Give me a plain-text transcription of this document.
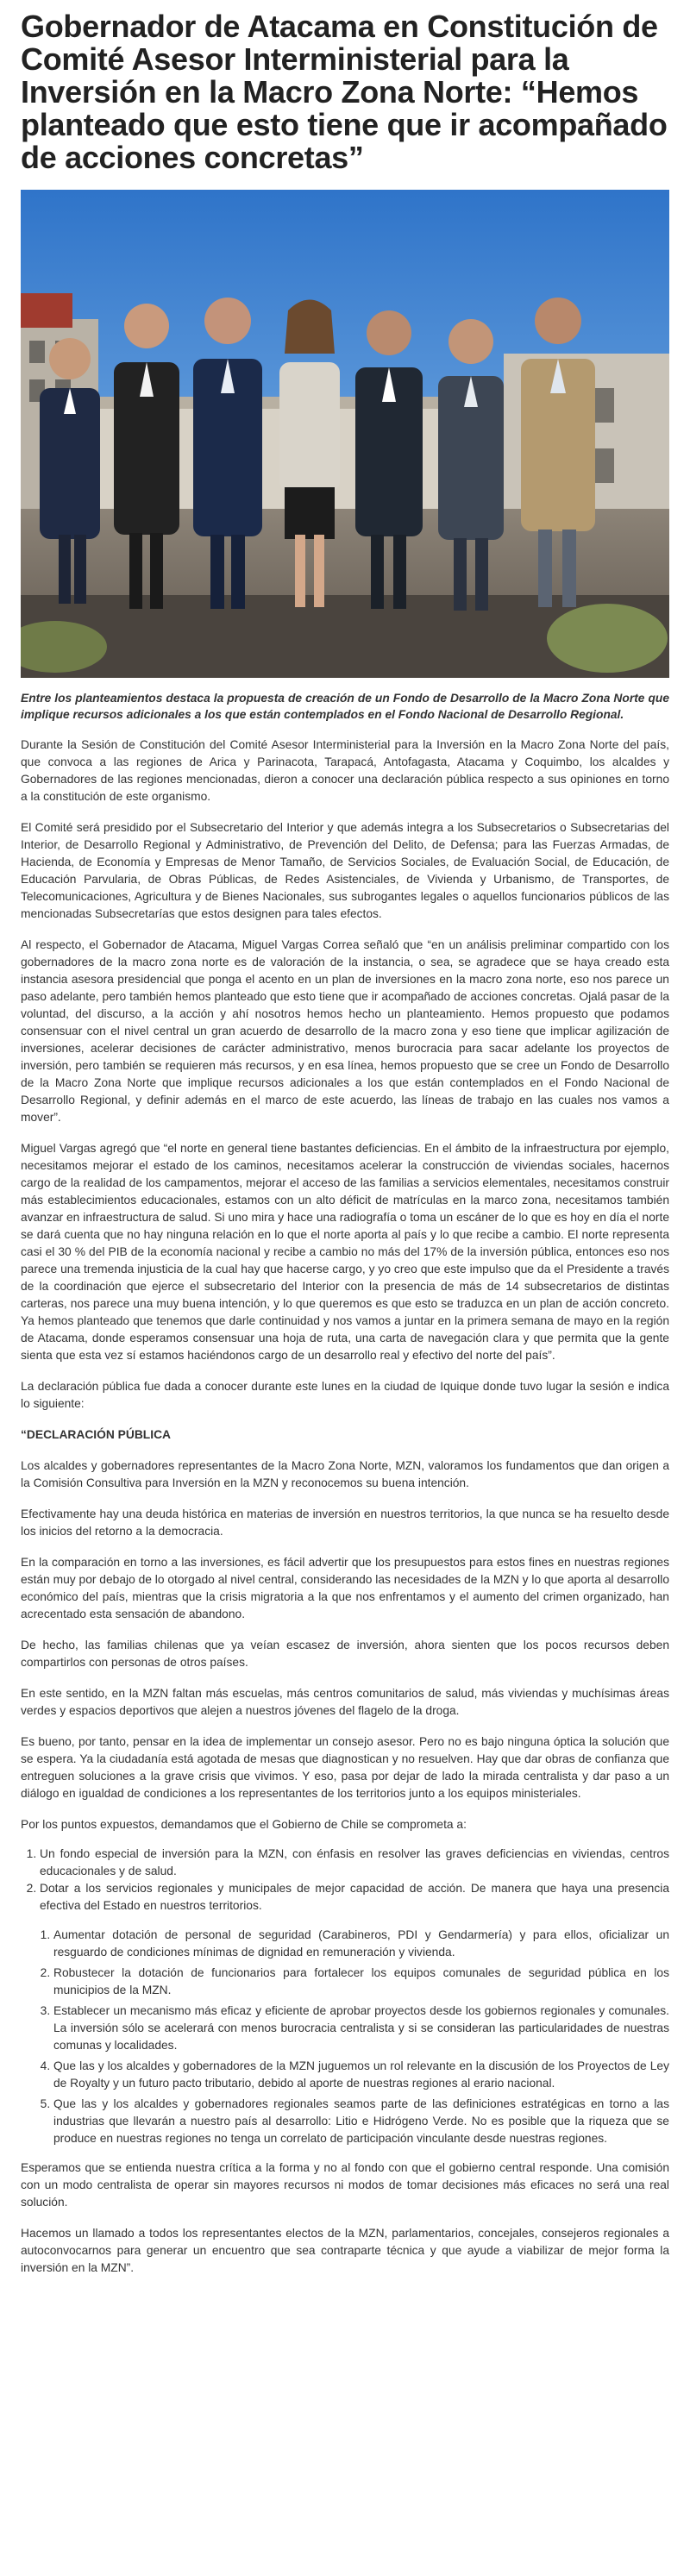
Gobernador de Atacama en Constitución de Comité Asesor Interministerial para la Inversión en la Macro Zona Norte: “Hemos planteado que esto tiene que ir acompañado de acciones concretas”
Entre los planteamientos destaca la propuesta de creación de un Fondo de Desarrollo de la Macro Zona Norte que implique recursos adicionales a los que están contemplados en el Fondo Nacional de Desarrollo Regional.

Durante la Sesión de Constitución del Comité Asesor Interministerial para la Inversión en la Macro Zona Norte del país, que convoca a las regiones de Arica y Parinacota, Tarapacá, Antofagasta, Atacama y Coquimbo, los alcaldes y Gobernadores de las regiones mencionadas, dieron a conocer una declaración pública respecto a sus opiniones en torno a la constitución de este organismo.

El Comité será presidido por el Subsecretario del Interior y que además integra a los Subsecretarios o Subsecretarias del Interior, de Desarrollo Regional y Administrativo, de Prevención del Delito, de Defensa; para las Fuerzas Armadas, de Hacienda, de Economía y Empresas de Menor Tamaño, de Servicios Sociales, de Evaluación Social, de Educación, de Educación Parvularia, de Obras Públicas, de Redes Asistenciales, de Vivienda y Urbanismo, de Transportes, de Telecomunicaciones, Agricultura y de Bienes Nacionales, sus subrogantes legales o aquellos funcionarios públicos de las mencionadas Subsecretarías que estos designen para tales efectos.

Al respecto, el Gobernador de Atacama, Miguel Vargas Correa señaló que “en un análisis preliminar compartido con los gobernadores de la macro zona norte es de valoración de la instancia, o sea, se agradece que se haya creado esta instancia asesora presidencial que ponga el acento en un plan de inversiones en la macro zona norte, eso nos parece un paso adelante, pero también hemos planteado que esto tiene que ir acompañado de acciones concretas. Ojalá pasar de la voluntad, del discurso, a la acción y ahí nosotros hemos hecho un planteamiento. Hemos propuesto que podamos consensuar con el nivel central un gran acuerdo de desarrollo de la macro zona y eso tiene que implicar agilización de inversiones, acelerar decisiones de carácter administrativo, menos burocracia para sacar adelante los proyectos de inversión, pero también se requieren más recursos, y en esa línea, hemos propuesto que se cree un Fondo de Desarrollo de la Macro Zona Norte que implique recursos adicionales a los que están contemplados en el Fondo Nacional de Desarrollo Regional, y definir además en el marco de este acuerdo, las líneas de trabajo en las cuales nos vamos a mover”.

Miguel Vargas agregó que “el norte en general tiene bastantes deficiencias. En el ámbito de la infraestructura por ejemplo, necesitamos mejorar el estado de los caminos, necesitamos acelerar la construcción de viviendas sociales, hacernos cargo de la realidad de los campamentos, mejorar el acceso de las familias a servicios elementales, necesitamos construir más establecimientos educacionales, estamos con un alto déficit de matrículas en la marco zona, necesitamos también avanzar en infraestructura de salud. Si uno mira y hace una radiografía o toma un escáner de lo que es hoy en día el norte se dará cuenta que no hay ninguna relación en lo que el norte aporta al país y lo que recibe a cambio. El norte representa casi el 30 % del PIB de la economía nacional y recibe a cambio no más del 17% de la inversión pública, entonces eso nos parece una tremenda injusticia de la cual hay que hacerse cargo, y yo creo que este impulso que da el Presidente a través de la coordinación que ejerce el subsecretario del Interior con la presencia de más de 14 subsecretarios de distintas carteras, nos parece una muy buena intención, y lo que queremos es que esto se traduzca en un plan de acción concreto. Ya hemos planteado que tenemos que darle continuidad y nos vamos a juntar en la primera semana de mayo en la región de Atacama, donde esperamos consensuar una hoja de ruta, una carta de navegación clara y que permita que la gente sienta que esta vez sí estamos haciéndonos cargo de un desarrollo real y efectivo del norte del país”.

La declaración pública fue dada a conocer durante este lunes en la ciudad de Iquique donde tuvo lugar la sesión e indica lo siguiente:

“DECLARACIÓN PÚBLICA

Los alcaldes y gobernadores representantes de la Macro Zona Norte, MZN, valoramos los fundamentos que dan origen a la Comisión Consultiva para Inversión en la MZN y reconocemos su buena intención.

Efectivamente hay una deuda histórica en materias de inversión en nuestros territorios, la que nunca se ha resuelto desde los inicios del retorno a la democracia.

En la comparación en torno a las inversiones, es fácil advertir que los presupuestos para estos fines en nuestras regiones están muy por debajo de lo otorgado al nivel central, considerando las necesidades de la MZN y lo que aporta al desarrollo económico del país, mientras que la crisis migratoria a la que nos enfrentamos y el aumento del crimen organizado, han acrecentado esta sensación de abandono.

De hecho, las familias chilenas que ya veían escasez de inversión, ahora sienten que los pocos recursos deben compartirlos con personas de otros países.

En este sentido, en la MZN faltan más escuelas, más centros comunitarios de salud, más viviendas y muchísimas áreas verdes y espacios deportivos que alejen a nuestros jóvenes del flagelo de la droga.

Es bueno, por tanto, pensar en la idea de implementar un consejo asesor. Pero no es bajo ninguna óptica la solución que se espera. Ya la ciudadanía está agotada de mesas que diagnostican y no resuelven. Hay que dar obras de confianza que entreguen soluciones a la grave crisis que vivimos. Y eso, pasa por dejar de lado la mirada centralista y dar paso a un diálogo en igualdad de condiciones a los representantes de los territorios junto a los equipos ministeriales.

Por los puntos expuestos, demandamos que el Gobierno de Chile se comprometa a:

1. Un fondo especial de inversión para la MZN, con énfasis en resolver las graves deficiencias en viviendas, centros educacionales y de salud.
2. Dotar a los servicios regionales y municipales de mejor capacidad de acción. De manera que haya una presencia efectiva del Estado en nuestros territorios.
1. Aumentar dotación de personal de seguridad (Carabineros, PDI y Gendarmería) y para ellos, oficializar un resguardo de condiciones mínimas de dignidad en remuneración y vivienda.
2. Robustecer la dotación de funcionarios para fortalecer los equipos comunales de seguridad pública en los municipios de la MZN.
3. Establecer un mecanismo más eficaz y eficiente de aprobar proyectos desde los gobiernos regionales y comunales. La inversión sólo se acelerará con menos burocracia centralista y si se consideran las particularidades de nuestras comunas y localidades.
4. Que las y los alcaldes y gobernadores de la MZN juguemos un rol relevante en la discusión de los Proyectos de Ley de Royalty y un futuro pacto tributario, debido al aporte de nuestras regiones al erario nacional.
5. Que las y los alcaldes y gobernadores regionales seamos parte de las definiciones estratégicas en torno a las industrias que llevarán a nuestro país al desarrollo: Litio e Hidrógeno Verde. No es posible que la riqueza que se produce en nuestras regiones no tenga un correlato de participación vinculante desde nuestras regiones.

Esperamos que se entienda nuestra crítica a la forma y no al fondo con que el gobierno central responde. Una comisión con un modo centralista de operar sin mayores recursos ni modos de tomar decisiones más eficaces no será una real solución.

Hacemos un llamado a todos los representantes electos de la MZN, parlamentarios, concejales, consejeros regionales a autoconvocarnos para generar un encuentro que sea contraparte técnica y que ayude a viabilizar de mejor forma la inversión en la MZN”.
